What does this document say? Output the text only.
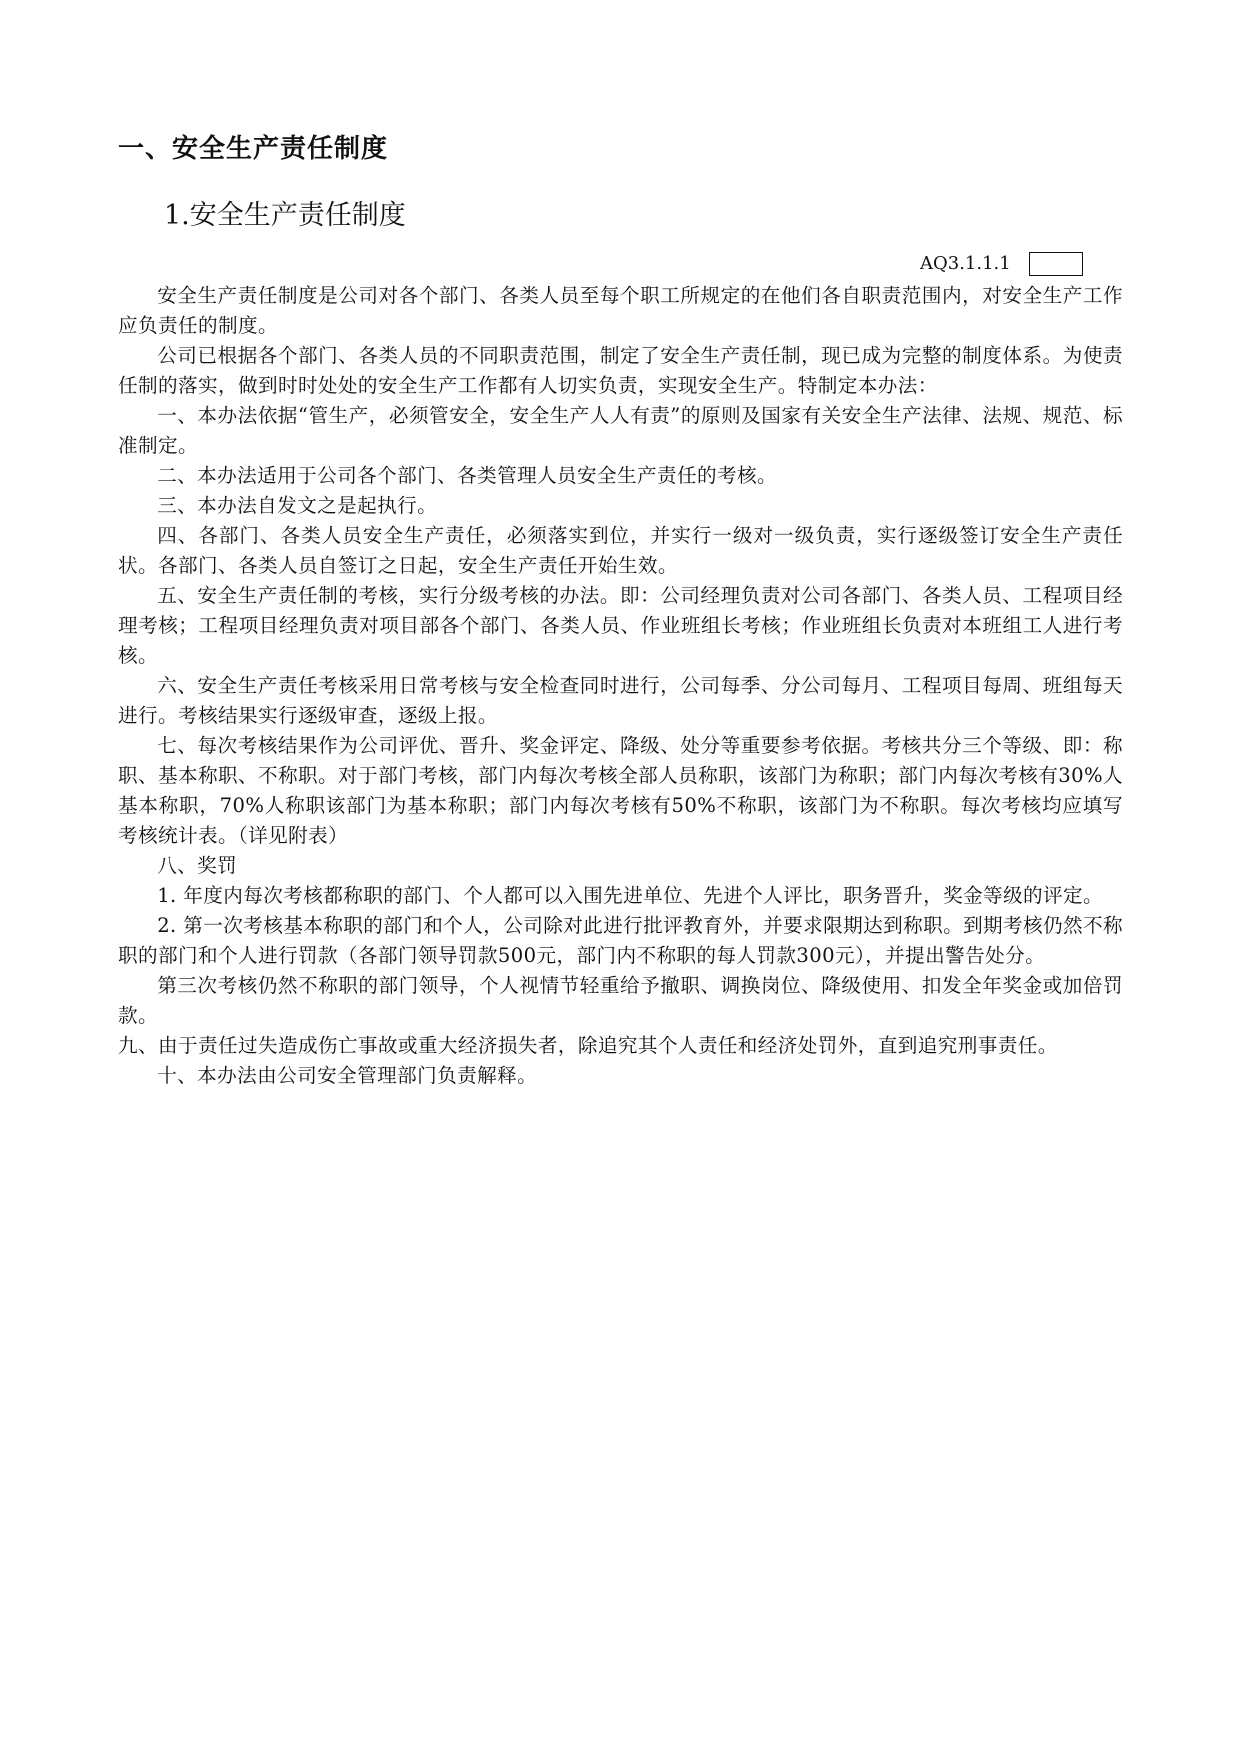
一、安全生产责任制度
1.安全生产责任制度
AQ3.1.1.1

安全生产责任制度是公司对各个部门、各类人员至每个职工所规定的在他们各自职责范围内，对安全生产工作应负责任的制度。

公司已根据各个部门、各类人员的不同职责范围，制定了安全生产责任制，现已成为完整的制度体系。为使责任制的落实，做到时时处处的安全生产工作都有人切实负责，实现安全生产。特制定本办法：

一、本办法依据“管生产，必须管安全，安全生产人人有责”的原则及国家有关安全生产法律、法规、规范、标准制定。

二、本办法适用于公司各个部门、各类管理人员安全生产责任的考核。

三、本办法自发文之是起执行。

四、各部门、各类人员安全生产责任，必须落实到位，并实行一级对一级负责，实行逐级签订安全生产责任状。各部门、各类人员自签订之日起，安全生产责任开始生效。

五、安全生产责任制的考核，实行分级考核的办法。即：公司经理负责对公司各部门、各类人员、工程项目经理考核；工程项目经理负责对项目部各个部门、各类人员、作业班组长考核；作业班组长负责对本班组工人进行考核。

六、安全生产责任考核采用日常考核与安全检查同时进行，公司每季、分公司每月、工程项目每周、班组每天进行。考核结果实行逐级审查，逐级上报。

七、每次考核结果作为公司评优、晋升、奖金评定、降级、处分等重要参考依据。考核共分三个等级、即：称职、基本称职、不称职。对于部门考核，部门内每次考核全部人员称职，该部门为称职；部门内每次考核有30%人基本称职，70%人称职该部门为基本称职；部门内每次考核有50%不称职，该部门为不称职。每次考核均应填写考核统计表。（详见附表）

八、奖罚

1. 年度内每次考核都称职的部门、个人都可以入围先进单位、先进个人评比，职务晋升，奖金等级的评定。

2. 第一次考核基本称职的部门和个人，公司除对此进行批评教育外，并要求限期达到称职。到期考核仍然不称职的部门和个人进行罚款（各部门领导罚款500元，部门内不称职的每人罚款300元），并提出警告处分。

第三次考核仍然不称职的部门领导，个人视情节轻重给予撤职、调换岗位、降级使用、扣发全年奖金或加倍罚款。

九、由于责任过失造成伤亡事故或重大经济损失者，除追究其个人责任和经济处罚外，直到追究刑事责任。

十、本办法由公司安全管理部门负责解释。
